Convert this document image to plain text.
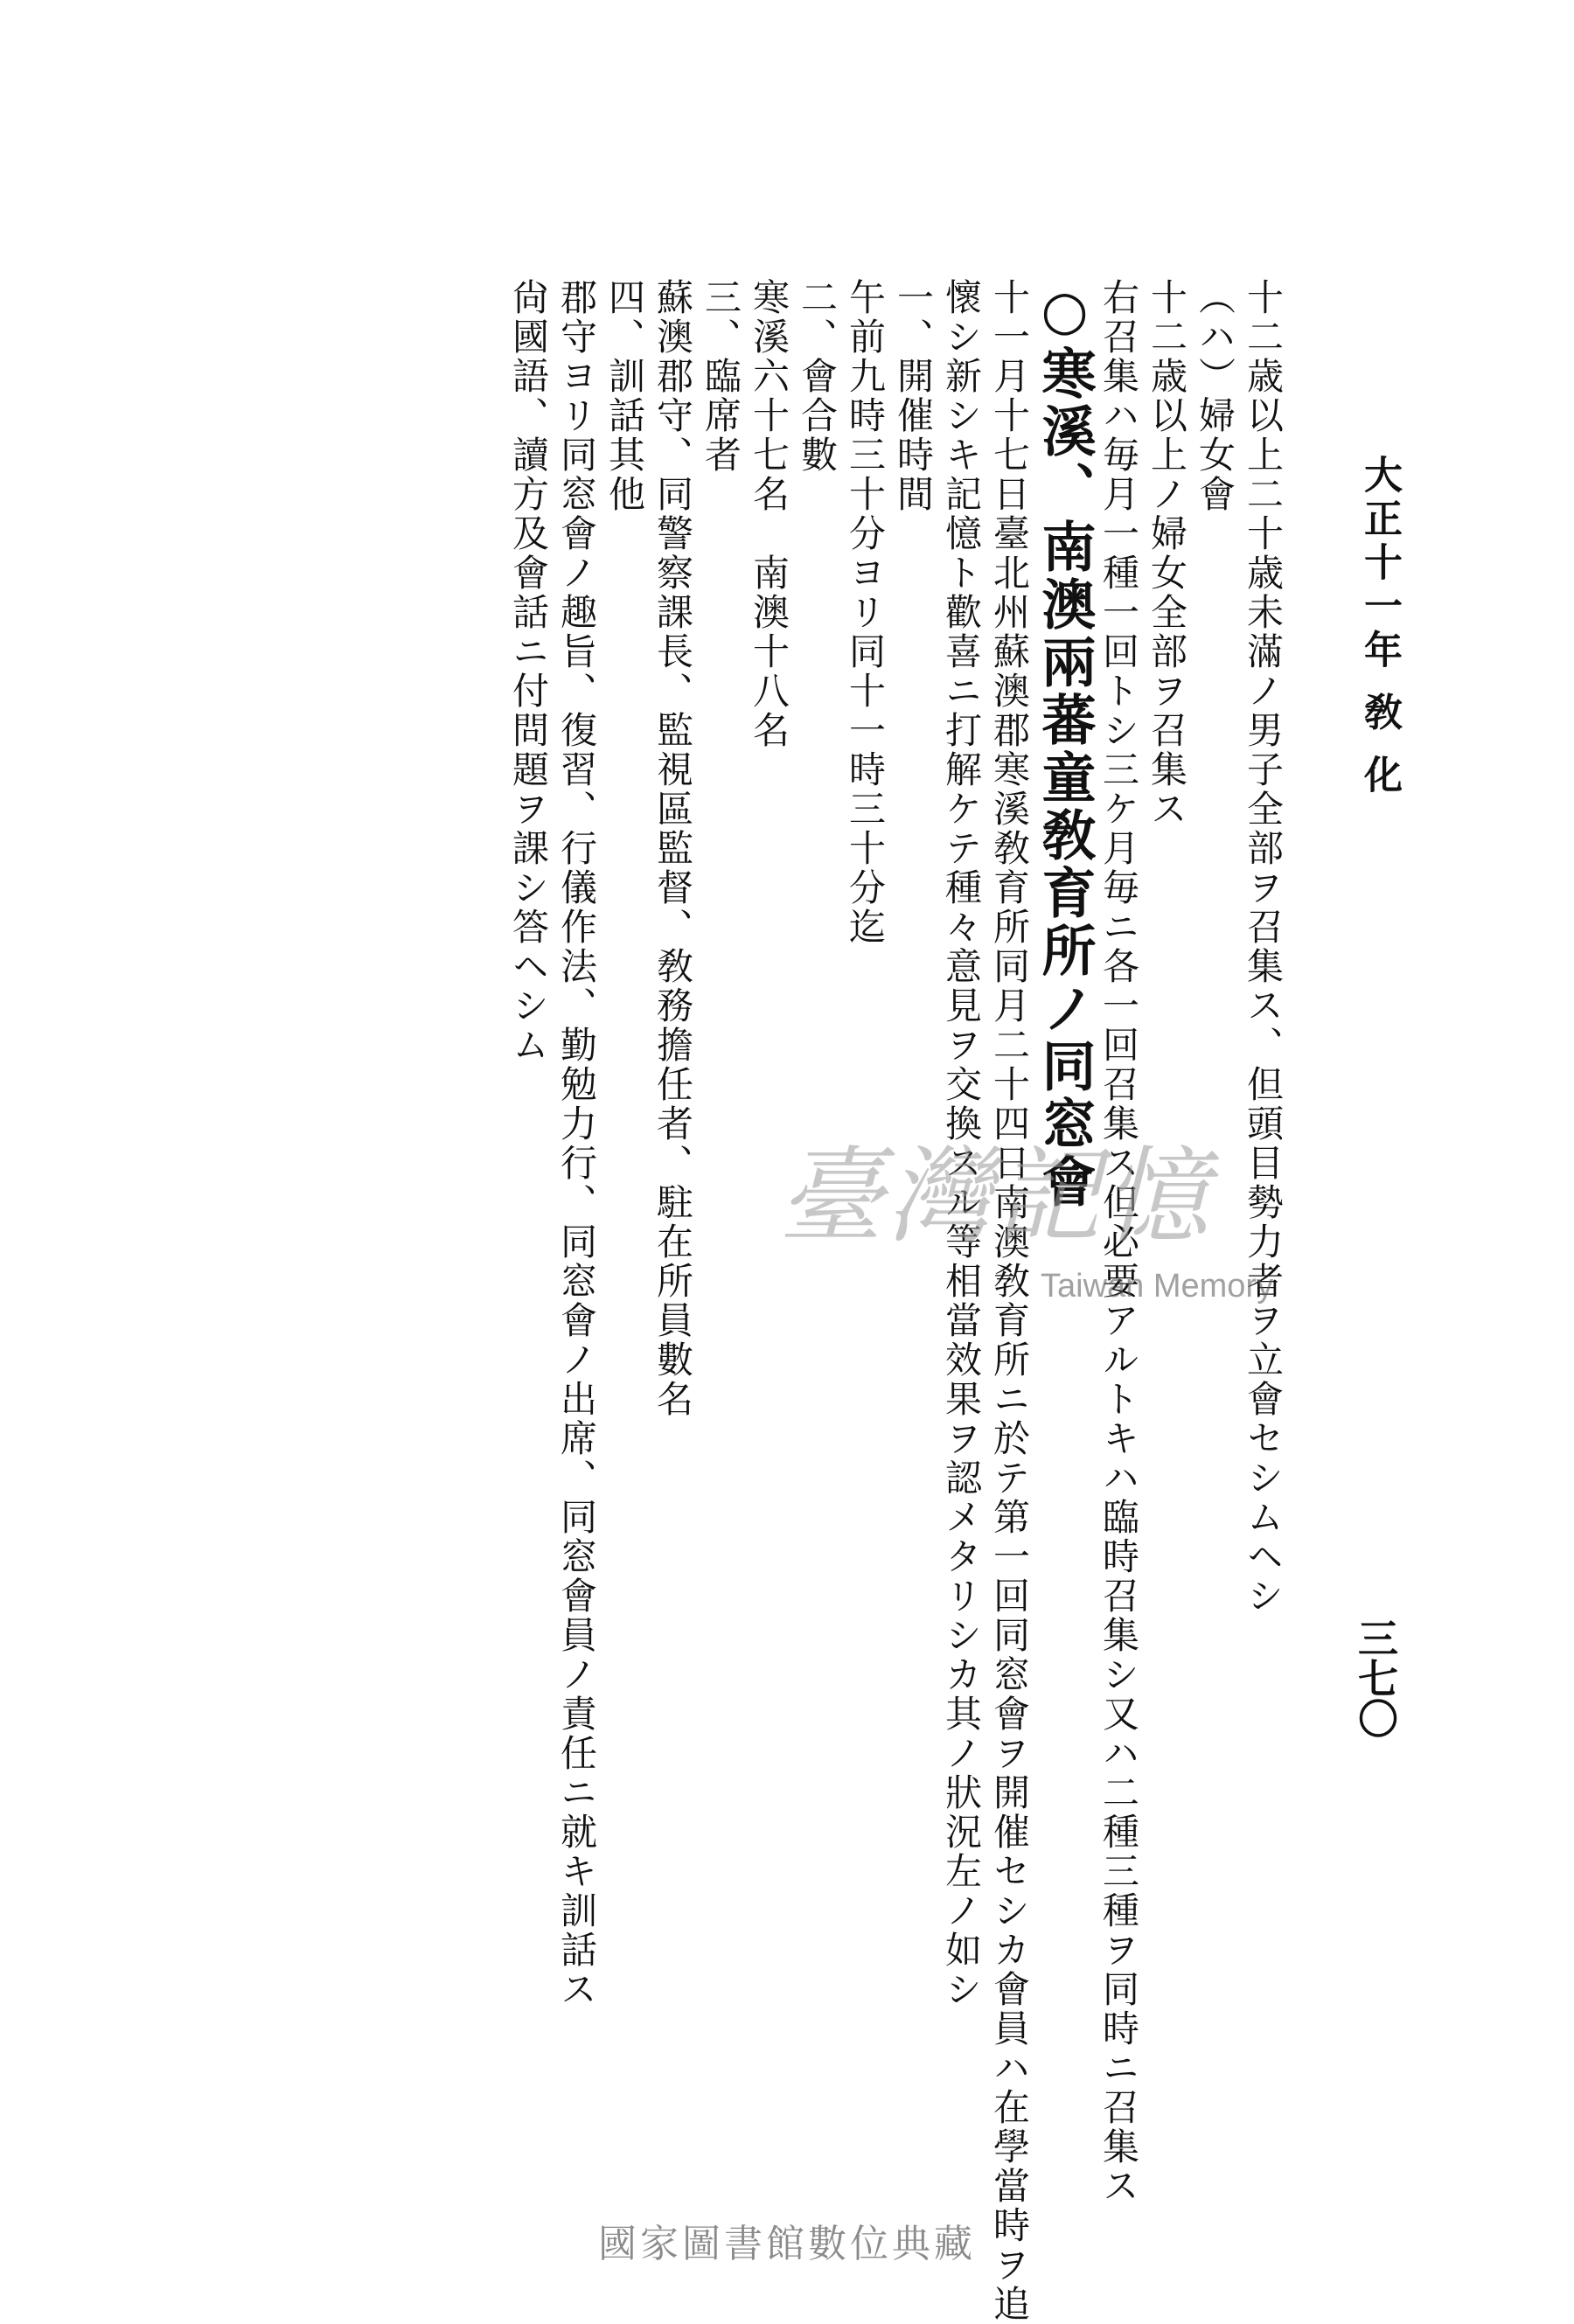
大正十一年 敎 化
三七〇
十二歳以上二十歳未滿ノ男子全部ヲ召集ス、但頭目勢力者ヲ立會セシムヘシ
（ハ）婦女會
十二歳以上ノ婦女全部ヲ召集ス
右召集ハ毎月一種一回トシ三ケ月毎ニ各一回召集ス但必要アルトキハ臨時召集シ又ハ二種三種ヲ同時ニ召集ス
○寒溪、南澳兩蕃童敎育所ノ同窓會
十一月十七日臺北州蘇澳郡寒溪敎育所同月二十四日南澳敎育所ニ於テ第一回同窓會ヲ開催セシカ會員ハ在學當時ヲ追
懷シ新シキ記憶ト歡喜ニ打解ケテ種々意見ヲ交換スル等相當效果ヲ認メタリシカ其ノ狀況左ノ如シ
一、開催時間
午前九時三十分ヨリ同十一時三十分迄
二、會合數
寒溪六十七名　南澳十八名
三、臨席者
蘇澳郡守、同警察課長、監視區監督、敎務擔任者、駐在所員數名
四、訓話其他
郡守ヨリ同窓會ノ趣旨、復習、行儀作法、勤勉力行、同窓會ノ出席、同窓會員ノ責任ニ就キ訓話ス
尙國語、讀方及會話ニ付問題ヲ課シ答ヘシム
臺灣記憶
Taiwan Memory
國家圖書館數位典藏
